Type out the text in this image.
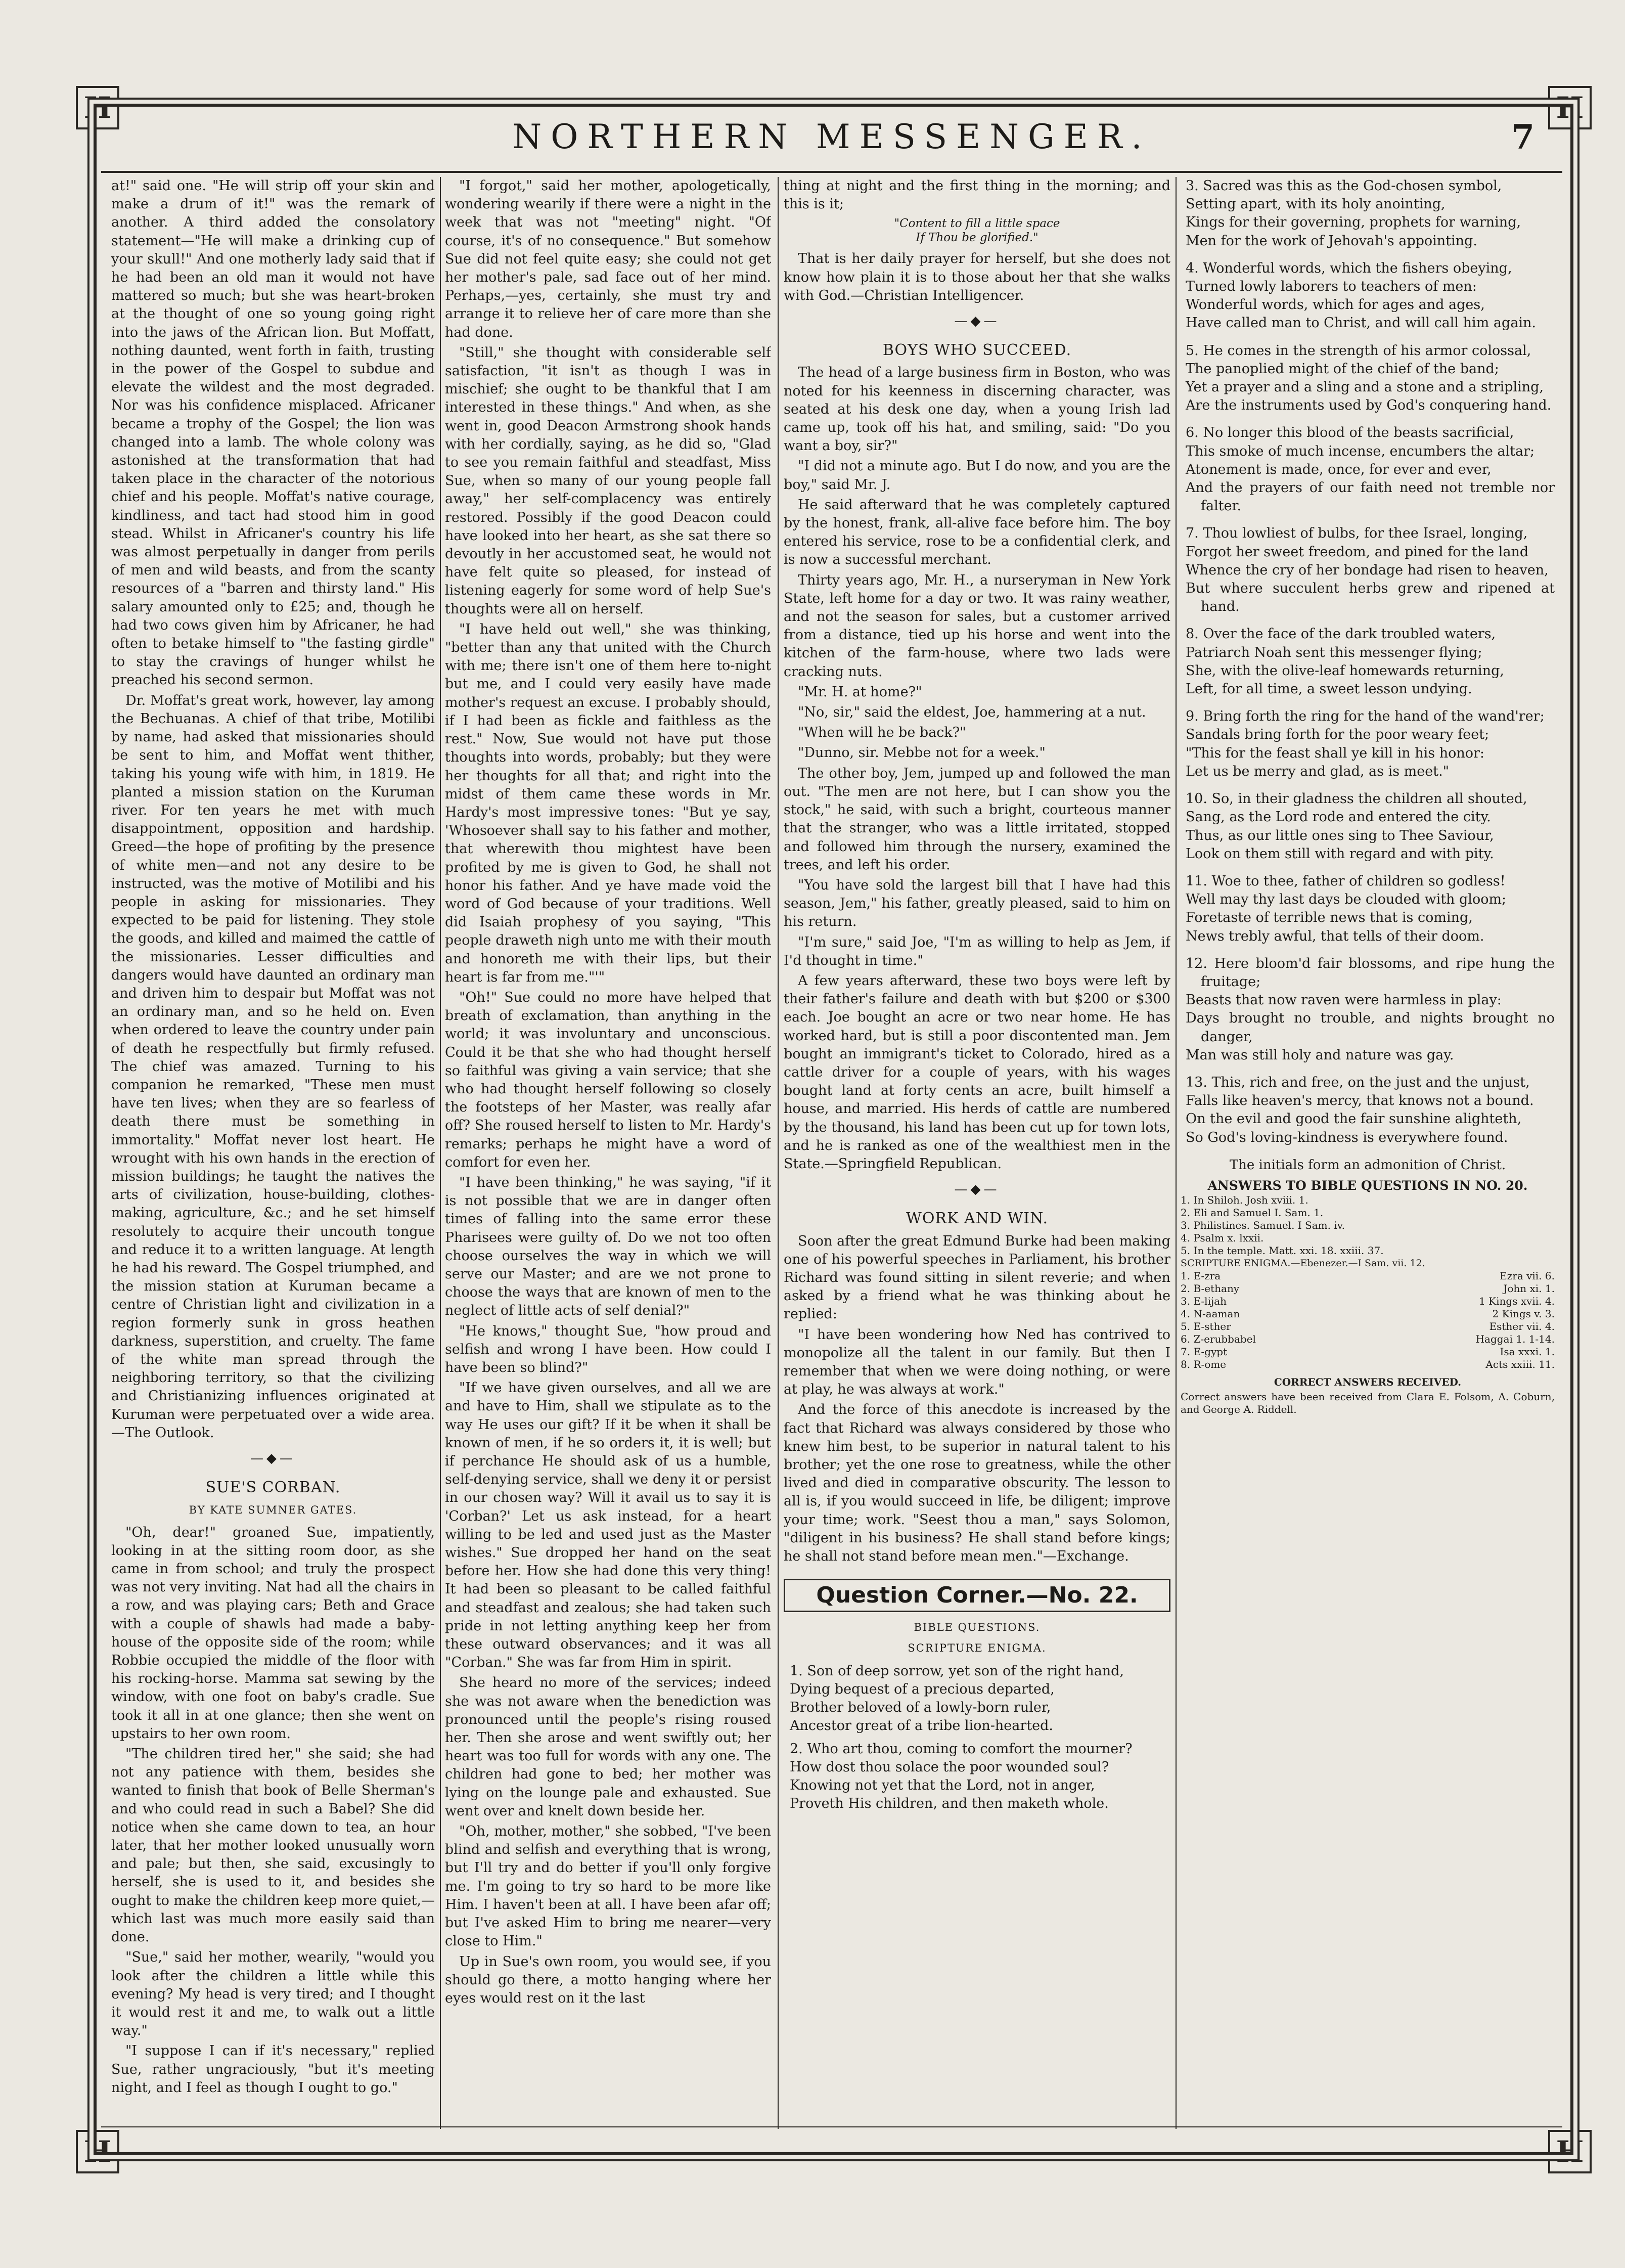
H	H
H	H
NORTHERN MESSENGER.	7

at!" said one. "He will strip off your skin and make a drum of it!" was the remark of another. A third added the consolatory statement—"He will make a drinking cup of your skull!" And one motherly lady said that if he had been an old man it would not have mattered so much; but she was heart-broken at the thought of one so young going right into the jaws of the African lion. But Moffatt, nothing daunted, went forth in faith, trusting in the power of the Gospel to subdue and elevate the wildest and the most degraded. Nor was his confidence misplaced. Africaner became a trophy of the Gospel; the lion was changed into a lamb. The whole colony was astonished at the transformation that had taken place in the character of the notorious chief and his people. Moffat's native courage, kindliness, and tact had stood him in good stead. Whilst in Africaner's country his life was almost perpetually in danger from perils of men and wild beasts, and from the scanty resources of a "barren and thirsty land." His salary amounted only to £25; and, though he had two cows given him by Africaner, he had often to betake himself to "the fasting girdle" to stay the cravings of hunger whilst he preached his second sermon.

Dr. Moffat's great work, however, lay among the Bechuanas. A chief of that tribe, Motilibi by name, had asked that missionaries should be sent to him, and Moffat went thither, taking his young wife with him, in 1819. He planted a mission station on the Kuruman river. For ten years he met with much disappointment, opposition and hardship. Greed—the hope of profiting by the presence of white men—and not any desire to be instructed, was the motive of Motilibi and his people in asking for missionaries. They expected to be paid for listening. They stole the goods, and killed and maimed the cattle of the missionaries. Lesser difficulties and dangers would have daunted an ordinary man and driven him to despair but Moffat was not an ordinary man, and so he held on. Even when ordered to leave the country under pain of death he respectfully but firmly refused. The chief was amazed. Turning to his companion he remarked, "These men must have ten lives; when they are so fearless of death there must be something in immortality." Moffat never lost heart. He wrought with his own hands in the erection of mission buildings; he taught the natives the arts of civilization, house-building, clothes-making, agriculture, &c.; and he set himself resolutely to acquire their uncouth tongue and reduce it to a written language. At length he had his reward. The Gospel triumphed, and the mission station at Kuruman became a centre of Christian light and civilization in a region formerly sunk in gross heathen darkness, superstition, and cruelty. The fame of the white man spread through the neighboring territory, so that the civilizing and Christianizing influences originated at Kuruman were perpetuated over a wide area.—The Outlook.

—◆—
SUE'S CORBAN.
BY KATE SUMNER GATES.

"Oh, dear!" groaned Sue, impatiently, looking in at the sitting room door, as she came in from school; and truly the prospect was not very inviting. Nat had all the chairs in a row, and was playing cars; Beth and Grace with a couple of shawls had made a baby-house of the opposite side of the room; while Robbie occupied the middle of the floor with his rocking-horse. Mamma sat sewing by the window, with one foot on baby's cradle. Sue took it all in at one glance; then she went on upstairs to her own room.

"The children tired her," she said; she had not any patience with them, besides she wanted to finish that book of Belle Sherman's and who could read in such a Babel? She did notice when she came down to tea, an hour later, that her mother looked unusually worn and pale; but then, she said, excusingly to herself, she is used to it, and besides she ought to make the children keep more quiet,—which last was much more easily said than done.

"Sue," said her mother, wearily, "would you look after the children a little while this evening? My head is very tired; and I thought it would rest it and me, to walk out a little way."

"I suppose I can if it's necessary," replied Sue, rather ungraciously, "but it's meeting night, and I feel as though I ought to go."

"I forgot," said her mother, apologetically, wondering wearily if there were a night in the week that was not "meeting" night. "Of course, it's of no consequence." But somehow Sue did not feel quite easy; she could not get her mother's pale, sad face out of her mind. Perhaps,—yes, certainly, she must try and arrange it to relieve her of care more than she had done.

"Still," she thought with considerable self satisfaction, "it isn't as though I was in mischief; she ought to be thankful that I am interested in these things." And when, as she went in, good Deacon Armstrong shook hands with her cordially, saying, as he did so, "Glad to see you remain faithful and steadfast, Miss Sue, when so many of our young people fall away," her self-complacency was entirely restored. Possibly if the good Deacon could have looked into her heart, as she sat there so devoutly in her accustomed seat, he would not have felt quite so pleased, for instead of listening eagerly for some word of help Sue's thoughts were all on herself.

"I have held out well," she was thinking, "better than any that united with the Church with me; there isn't one of them here to-night but me, and I could very easily have made mother's request an excuse. I probably should, if I had been as fickle and faithless as the rest." Now, Sue would not have put those thoughts into words, probably; but they were her thoughts for all that; and right into the midst of them came these words in Mr. Hardy's most impressive tones: "But ye say, 'Whosoever shall say to his father and mother, that wherewith thou mightest have been profited by me is given to God, he shall not honor his father. And ye have made void the word of God because of your traditions. Well did Isaiah prophesy of you saying, "This people draweth nigh unto me with their mouth and honoreth me with their lips, but their heart is far from me."'"

"Oh!" Sue could no more have helped that breath of exclamation, than anything in the world; it was involuntary and unconscious. Could it be that she who had thought herself so faithful was giving a vain service; that she who had thought herself following so closely the footsteps of her Master, was really afar off? She roused herself to listen to Mr. Hardy's remarks; perhaps he might have a word of comfort for even her.

"I have been thinking," he was saying, "if it is not possible that we are in danger often times of falling into the same error these Pharisees were guilty of. Do we not too often choose ourselves the way in which we will serve our Master; and are we not prone to choose the ways that are known of men to the neglect of little acts of self denial?"

"He knows," thought Sue, "how proud and selfish and wrong I have been. How could I have been so blind?"

"If we have given ourselves, and all we are and have to Him, shall we stipulate as to the way He uses our gift? If it be when it shall be known of men, if he so orders it, it is well; but if perchance He should ask of us a humble, self-denying service, shall we deny it or persist in our chosen way? Will it avail us to say it is 'Corban?' Let us ask instead, for a heart willing to be led and used just as the Master wishes." Sue dropped her hand on the seat before her. How she had done this very thing! It had been so pleasant to be called faithful and steadfast and zealous; she had taken such pride in not letting anything keep her from these outward observances; and it was all "Corban." She was far from Him in spirit.

She heard no more of the services; indeed she was not aware when the benediction was pronounced until the people's rising roused her. Then she arose and went swiftly out; her heart was too full for words with any one. The children had gone to bed; her mother was lying on the lounge pale and exhausted. Sue went over and knelt down beside her.

"Oh, mother, mother," she sobbed, "I've been blind and selfish and everything that is wrong, but I'll try and do better if you'll only forgive me. I'm going to try so hard to be more like Him. I haven't been at all. I have been afar off; but I've asked Him to bring me nearer—very close to Him."

Up in Sue's own room, you would see, if you should go there, a motto hanging where her eyes would rest on it the last

thing at night and the first thing in the morning; and this is it;

"Content to fill a little space
If Thou be glorified."

That is her daily prayer for herself, but she does not know how plain it is to those about her that she walks with God.—Christian Intelligencer.

—◆—
BOYS WHO SUCCEED.

The head of a large business firm in Boston, who was noted for his keenness in discerning character, was seated at his desk one day, when a young Irish lad came up, took off his hat, and smiling, said: "Do you want a boy, sir?"

"I did not a minute ago. But I do now, and you are the boy," said Mr. J.

He said afterward that he was completely captured by the honest, frank, all-alive face before him. The boy entered his service, rose to be a confidential clerk, and is now a successful merchant.

Thirty years ago, Mr. H., a nurseryman in New York State, left home for a day or two. It was rainy weather, and not the season for sales, but a customer arrived from a distance, tied up his horse and went into the kitchen of the farm-house, where two lads were cracking nuts.

"Mr. H. at home?"

"No, sir," said the eldest, Joe, hammering at a nut.

"When will he be back?"

"Dunno, sir. Mebbe not for a week."

The other boy, Jem, jumped up and followed the man out. "The men are not here, but I can show you the stock," he said, with such a bright, courteous manner that the stranger, who was a little irritated, stopped and followed him through the nursery, examined the trees, and left his order.

"You have sold the largest bill that I have had this season, Jem," his father, greatly pleased, said to him on his return.

"I'm sure," said Joe, "I'm as willing to help as Jem, if I'd thought in time."

A few years afterward, these two boys were left by their father's failure and death with but $200 or $300 each. Joe bought an acre or two near home. He has worked hard, but is still a poor discontented man. Jem bought an immigrant's ticket to Colorado, hired as a cattle driver for a couple of years, with his wages bought land at forty cents an acre, built himself a house, and married. His herds of cattle are numbered by the thousand, his land has been cut up for town lots, and he is ranked as one of the wealthiest men in the State.—Springfield Republican.

—◆—
WORK AND WIN.

Soon after the great Edmund Burke had been making one of his powerful speeches in Parliament, his brother Richard was found sitting in silent reverie; and when asked by a friend what he was thinking about he replied:

"I have been wondering how Ned has contrived to monopolize all the talent in our family. But then I remember that when we were doing nothing, or were at play, he was always at work."

And the force of this anecdote is increased by the fact that Richard was always considered by those who knew him best, to be superior in natural talent to his brother; yet the one rose to greatness, while the other lived and died in comparative obscurity. The lesson to all is, if you would succeed in life, be diligent; improve your time; work. "Seest thou a man," says Solomon, "diligent in his business? He shall stand before kings; he shall not stand before mean men."—Exchange.

Question Corner.—No. 22.
BIBLE QUESTIONS.
SCRIPTURE ENIGMA.
1. Son of deep sorrow, yet son of the right hand,
Dying bequest of a precious departed,
Brother beloved of a lowly-born ruler,
Ancestor great of a tribe lion-hearted.
2. Who art thou, coming to comfort the mourner?
How dost thou solace the poor wounded soul?
Knowing not yet that the Lord, not in anger,
Proveth His children, and then maketh whole.
3. Sacred was this as the God-chosen symbol,
Setting apart, with its holy anointing,
Kings for their governing, prophets for warning,
Men for the work of Jehovah's appointing.
4. Wonderful words, which the fishers obeying,
Turned lowly laborers to teachers of men:
Wonderful words, which for ages and ages,
Have called man to Christ, and will call him again.
5. He comes in the strength of his armor colossal,
The panoplied might of the chief of the band;
Yet a prayer and a sling and a stone and a stripling,
Are the instruments used by God's conquering hand.
6. No longer this blood of the beasts sacrificial,
This smoke of much incense, encumbers the altar;
Atonement is made, once, for ever and ever,
And the prayers of our faith need not tremble nor falter.
7. Thou lowliest of bulbs, for thee Israel, longing,
Forgot her sweet freedom, and pined for the land
Whence the cry of her bondage had risen to heaven,
But where succulent herbs grew and ripened at hand.
8. Over the face of the dark troubled waters,
Patriarch Noah sent this messenger flying;
She, with the olive-leaf homewards returning,
Left, for all time, a sweet lesson undying.
9. Bring forth the ring for the hand of the wand'rer;
Sandals bring forth for the poor weary feet;
"This for the feast shall ye kill in his honor:
Let us be merry and glad, as is meet."
10. So, in their gladness the children all shouted,
Sang, as the Lord rode and entered the city.
Thus, as our little ones sing to Thee Saviour,
Look on them still with regard and with pity.
11. Woe to thee, father of children so godless!
Well may thy last days be clouded with gloom;
Foretaste of terrible news that is coming,
News trebly awful, that tells of their doom.
12. Here bloom'd fair blossoms, and ripe hung the fruitage;
Beasts that now raven were harmless in play:
Days brought no trouble, and nights brought no danger,
Man was still holy and nature was gay.
13. This, rich and free, on the just and the unjust,
Falls like heaven's mercy, that knows not a bound.
On the evil and good the fair sunshine alighteth,
So God's loving-kindness is everywhere found.
The initials form an admonition of Christ.
ANSWERS TO BIBLE QUESTIONS IN NO. 20.
1. In Shiloh. Josh xviii. 1.
2. Eli and Samuel I. Sam. 1.
3. Philistines. Samuel. I Sam. iv.
4. Psalm x. lxxii.
5. In the temple. Matt. xxi. 18. xxiii. 37.
SCRIPTURE ENIGMA.—Ebenezer.—I Sam. vii. 12.
1. E-zra	Ezra vii. 6.
2. B-ethany	John xi. 1.
3. E-lijah	1 Kings xvii. 4.
4. N-aaman	2 Kings v. 3.
5. E-sther	Esther vii. 4.
6. Z-erubbabel	Haggai 1. 1-14.
7. E-gypt	Isa xxxi. 1.
8. R-ome	Acts xxiii. 11.
CORRECT ANSWERS RECEIVED.
Correct answers have been received from Clara E. Folsom, A. Coburn, and George A. Riddell.
